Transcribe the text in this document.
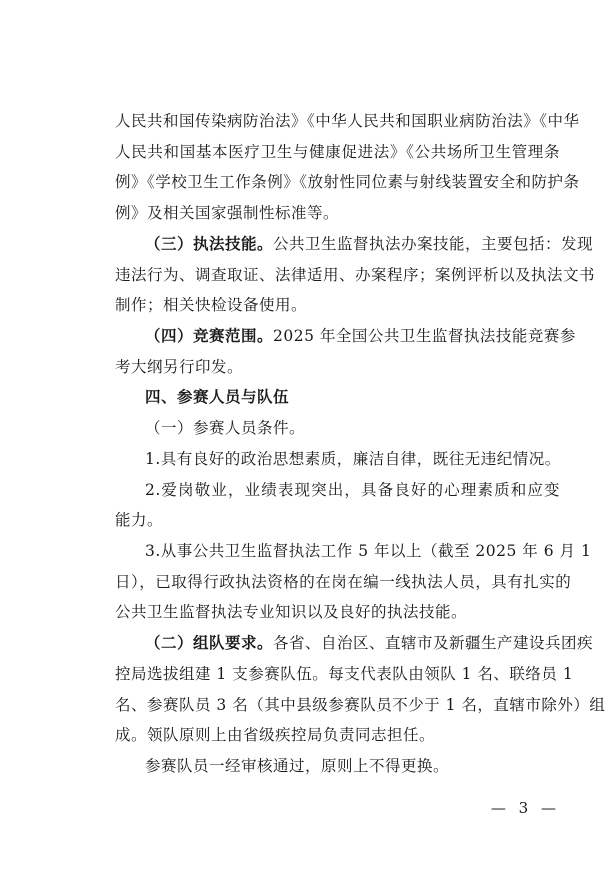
人民共和国传染病防治法》《中华人民共和国职业病防治法》《中华
人民共和国基本医疗卫生与健康促进法》《公共场所卫生管理条
例》《学校卫生工作条例》《放射性同位素与射线装置安全和防护条
例》及相关国家强制性标准等。
（三）执法技能。公共卫生监督执法办案技能，主要包括：发现
违法行为、调查取证、法律适用、办案程序；案例评析以及执法文书
制作；相关快检设备使用。
（四）竞赛范围。2025 年全国公共卫生监督执法技能竞赛参
考大纲另行印发。
四、参赛人员与队伍
（一）参赛人员条件。
1.具有良好的政治思想素质，廉洁自律，既往无违纪情况。
2.爱岗敬业，业绩表现突出，具备良好的心理素质和应变
能力。
3.从事公共卫生监督执法工作 5 年以上（截至 2025 年 6 月 1
日），已取得行政执法资格的在岗在编一线执法人员，具有扎实的
公共卫生监督执法专业知识以及良好的执法技能。
（二）组队要求。各省、自治区、直辖市及新疆生产建设兵团疾
控局选拔组建 1 支参赛队伍。每支代表队由领队 1 名、联络员 1
名、参赛队员 3 名（其中县级参赛队员不少于 1 名，直辖市除外）组
成。领队原则上由省级疾控局负责同志担任。
参赛队员一经审核通过，原则上不得更换。
— 3 —
